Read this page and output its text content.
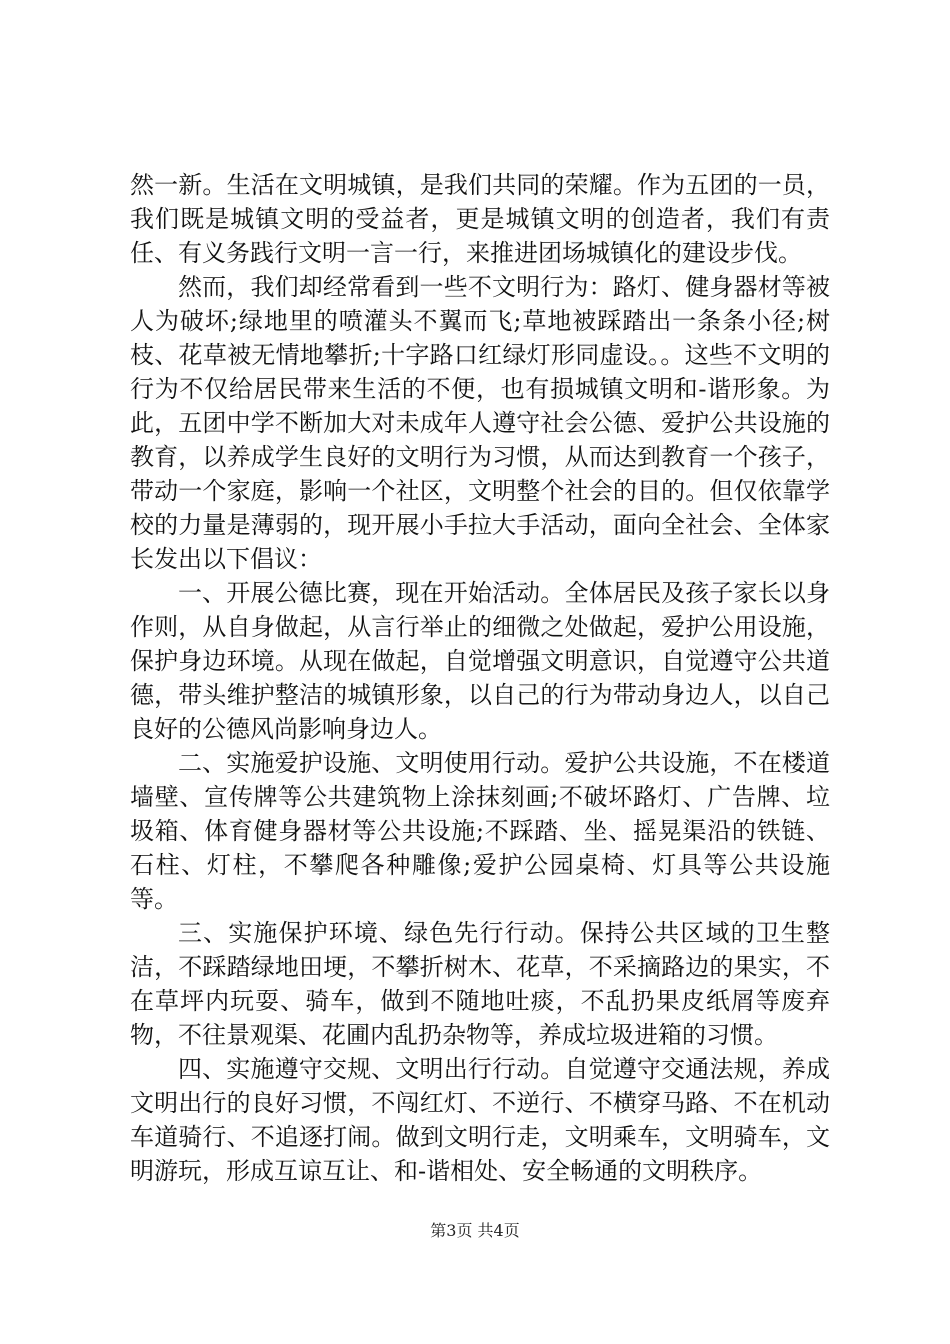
然一新。生活在文明城镇，是我们共同的荣耀。作为五团的一员，我们既是城镇文明的受益者，更是城镇文明的创造者，我们有责任、有义务践行文明一言一行，来推进团场城镇化的建设步伐。

然而，我们却经常看到一些不文明行为：路灯、健身器材等被人为破坏;绿地里的喷灌头不翼而飞;草地被踩踏出一条条小径;树枝、花草被无情地攀折;十字路口红绿灯形同虚设。。这些不文明的行为不仅给居民带来生活的不便，也有损城镇文明和-谐形象。为此，五团中学不断加大对未成年人遵守社会公德、爱护公共设施的教育，以养成学生良好的文明行为习惯，从而达到教育一个孩子，带动一个家庭，影响一个社区，文明整个社会的目的。但仅依靠学校的力量是薄弱的，现开展小手拉大手活动，面向全社会、全体家长发出以下倡议：

一、开展公德比赛，现在开始活动。全体居民及孩子家长以身作则，从自身做起，从言行举止的细微之处做起，爱护公用设施，保护身边环境。从现在做起，自觉增强文明意识，自觉遵守公共道德，带头维护整洁的城镇形象，以自己的行为带动身边人，以自己良好的公德风尚影响身边人。

二、实施爱护设施、文明使用行动。爱护公共设施，不在楼道墙壁、宣传牌等公共建筑物上涂抹刻画;不破坏路灯、广告牌、垃圾箱、体育健身器材等公共设施;不踩踏、坐、摇晃渠沿的铁链、石柱、灯柱，不攀爬各种雕像;爱护公园桌椅、灯具等公共设施等。

三、实施保护环境、绿色先行行动。保持公共区域的卫生整洁，不踩踏绿地田埂，不攀折树木、花草，不采摘路边的果实，不在草坪内玩耍、骑车，做到不随地吐痰，不乱扔果皮纸屑等废弃物，不往景观渠、花圃内乱扔杂物等，养成垃圾进箱的习惯。

四、实施遵守交规、文明出行行动。自觉遵守交通法规，养成文明出行的良好习惯，不闯红灯、不逆行、不横穿马路、不在机动车道骑行、不追逐打闹。做到文明行走，文明乘车，文明骑车，文明游玩，形成互谅互让、和-谐相处、安全畅通的文明秩序。

第3页 共4页
